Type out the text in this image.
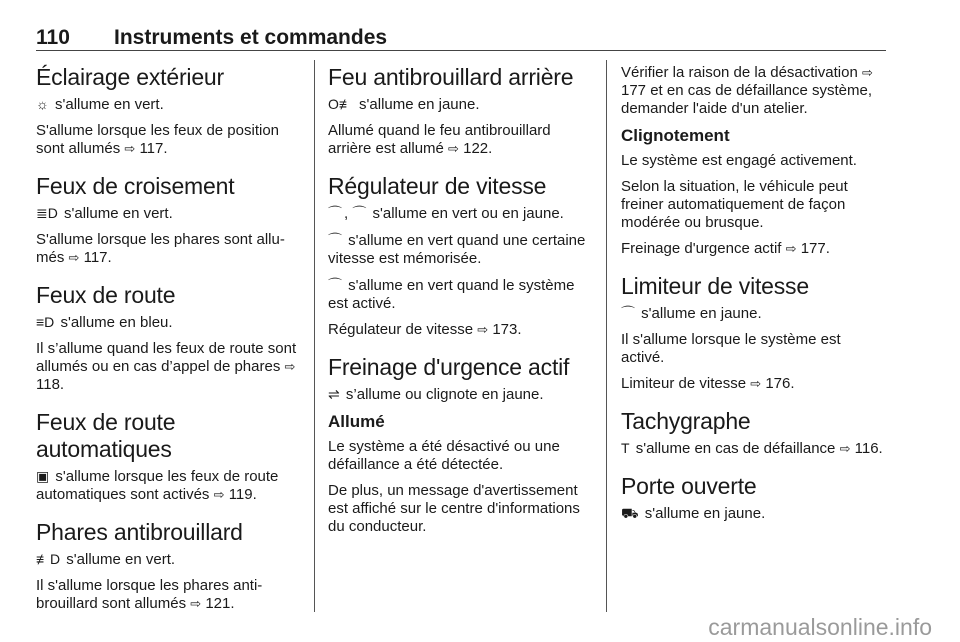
110 Instruments et commandes
Éclairage extérieur

☼ s'allume en vert.

S'allume lorsque les feux de position sont allumés ⇨ 117.

Feux de croisement

≣D s'allume en vert.

S'allume lorsque les phares sont allu‑ més ⇨ 117.

Feux de route

≡D s'allume en bleu.

Il s’allume quand les feux de route sont allumés ou en cas d’appel de phares ⇨ 118.

Feux de route automatiques

▣ s'allume lorsque les feux de route automatiques sont activés ⇨ 119.

Phares antibrouillard

≢D s'allume en vert.

Il s'allume lorsque les phares anti‑ brouillard sont allumés ⇨ 121.

Feu antibrouillard arrière

O≢ s'allume en jaune.

Allumé quand le feu antibrouillard arrière est allumé ⇨ 122.

Régulateur de vitesse

⌒ , ⌒ s'allume en vert ou en jaune.

⌒ s'allume en vert quand une certaine vitesse est mémorisée.

⌒ s'allume en vert quand le système est activé.

Régulateur de vitesse ⇨ 173.

Freinage d'urgence actif

⇌ s’allume ou clignote en jaune.

Allumé

Le système a été désactivé ou une défaillance a été détectée.

De plus, un message d'avertissement est affiché sur le centre d'informations du conducteur.

Vérifier la raison de la désactivation ⇨ 177 et en cas de défaillance système, demander l'aide d'un atelier.

Clignotement

Le système est engagé activement.

Selon la situation, le véhicule peut freiner automatiquement de façon modérée ou brusque.

Freinage d'urgence actif ⇨ 177.

Limiteur de vitesse

⌒ s'allume en jaune.

Il s'allume lorsque le système est activé.

Limiteur de vitesse ⇨ 176.

Tachygraphe

T s'allume en cas de défaillance ⇨ 116.

Porte ouverte

⛟ s'allume en jaune.

carmanualsonline.info
